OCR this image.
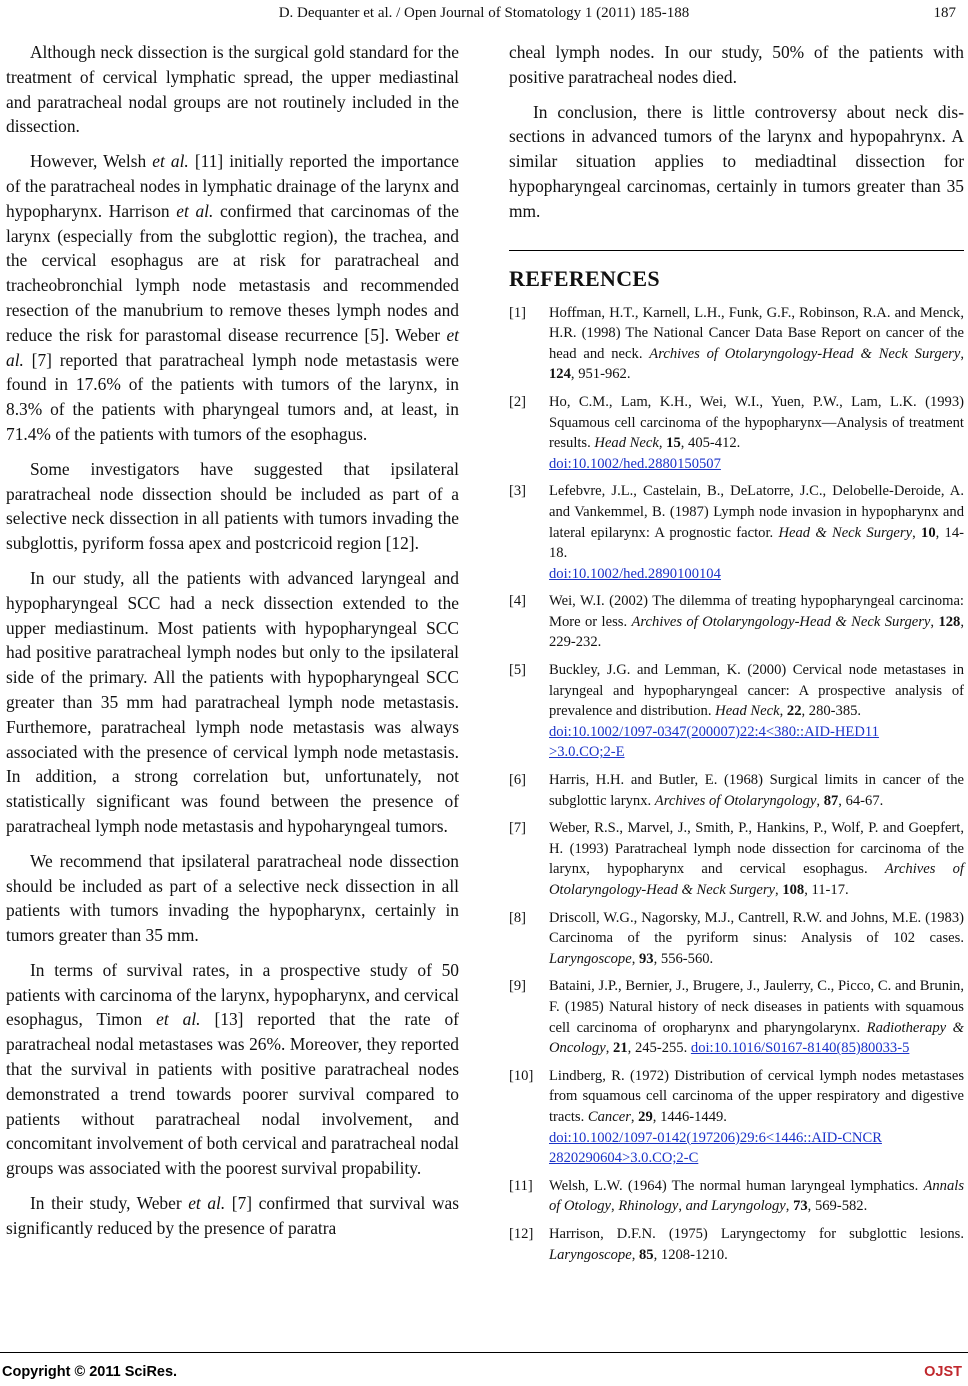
D. Dequanter et al. / Open Journal of Stomatology 1 (2011) 185-188	187

Although neck dissection is the surgical gold standard for the treatment of cervical lymphatic spread, the upper mediastinal and paratracheal nodal groups are not routinely included in the dissection.

However, Welsh et al. [11] initially reported the importance of the paratracheal nodes in lymphatic drainage of the larynx and hypopharynx. Harrison et al. confirmed that carcinomas of the larynx (especially from the subglottic region), the trachea, and the cervical esophagus are at risk for paratracheal and tracheobronchial lymph node metastasis and recommended resection of the manubrium to remove theses lymph nodes and reduce the risk for parastomal disease recurrence [5]. Weber et al. [7] reported that paratracheal lymph node metastasis were found in 17.6% of the patients with tumors of the larynx, in 8.3% of the patients with pharyngeal tumors and, at least, in 71.4% of the patients with tumors of the esophagus.

Some investigators have suggested that ipsilateral paratracheal node dissection should be included as part of a selective neck dissection in all patients with tumors invading the subglottis, pyriform fossa apex and postcricoid region [12].

In our study, all the patients with advanced laryngeal and hypopharyngeal SCC had a neck dissection extended to the upper mediastinum. Most patients with hypopharyngeal SCC had positive paratracheal lymph nodes but only to the ipsilateral side of the primary. All the patients with hypopharyngeal SCC greater than 35 mm had paratracheal lymph node metastasis. Furthemore, paratracheal lymph node metastasis was always associated with the presence of cervical lymph node metastasis. In addition, a strong correlation but, unfortunately, not statistically significant was found between the presence of paratracheal lymph node metastasis and hypoharyngeal tumors.

We recommend that ipsilateral paratracheal node dissection should be included as part of a selective neck dissection in all patients with tumors invading the hypopharynx, certainly in tumors greater than 35 mm.

In terms of survival rates, in a prospective study of 50 patients with carcinoma of the larynx, hypopharynx, and cervical esophagus, Timon et al. [13] reported that the rate of paratracheal nodal metastases was 26%. Moreover, they reported that the survival in patients with positive paratracheal nodes demonstrated a trend towards poorer survival compared to patients without paratracheal nodal involvement, and concomitant involvement of both cervical and paratracheal nodal groups was associated with the poorest survival propability.

In their study, Weber et al. [7] confirmed that survival was significantly reduced by the presence of paratra

cheal lymph nodes. In our study, 50% of the patients with positive paratracheal nodes died.

In conclusion, there is little controversy about neck dissections in advanced tumors of the larynx and hypopahrynx. A similar situation applies to mediadtinal dissection for hypopharyngeal carcinomas, certainly in tumors greater than 35 mm.

REFERENCES
[1]	Hoffman, H.T., Karnell, L.H., Funk, G.F., Robinson, R.A. and Menck, H.R. (1998) The National Cancer Data Base Report on cancer of the head and neck. Archives of Otolaryngology-Head & Neck Surgery, 124, 951-962.
[2]	Ho, C.M., Lam, K.H., Wei, W.I., Yuen, P.W., Lam, L.K. (1993) Squamous cell carcinoma of the hypopharynx—Analysis of treatment results. Head Neck, 15, 405-412.
doi:10.1002/hed.2880150507
[3]	Lefebvre, J.L., Castelain, B., DeLatorre, J.C., Delobelle-Deroide, A. and Vankemmel, B. (1987) Lymph node invasion in hypopharynx and lateral epilarynx: A prognostic factor. Head & Neck Surgery, 10, 14-18.
doi:10.1002/hed.2890100104
[4]	Wei, W.I. (2002) The dilemma of treating hypopharyngeal carcinoma: More or less. Archives of Otolaryngology-Head & Neck Surgery, 128, 229-232.
[5]	Buckley, J.G. and Lemman, K. (2000) Cervical node metastases in laryngeal and hypopharyngeal cancer: A prospective analysis of prevalence and distribution. Head Neck, 22, 280-385.
doi:10.1002/1097-0347(200007)22:4<380::AID-HED11
>3.0.CO;2-E
[6]	Harris, H.H. and Butler, E. (1968) Surgical limits in cancer of the subglottic larynx. Archives of Otolaryngology, 87, 64-67.
[7]	Weber, R.S., Marvel, J., Smith, P., Hankins, P., Wolf, P. and Goepfert, H. (1993) Paratracheal lymph node dissection for carcinoma of the larynx, hypopharynx and cervical esophagus. Archives of Otolaryngology-Head & Neck Surgery, 108, 11-17.
[8]	Driscoll, W.G., Nagorsky, M.J., Cantrell, R.W. and Johns, M.E. (1983) Carcinoma of the pyriform sinus: Analysis of 102 cases. Laryngoscope, 93, 556-560.
[9]	Bataini, J.P., Bernier, J., Brugere, J., Jaulerry, C., Picco, C. and Brunin, F. (1985) Natural history of neck diseases in patients with squamous cell carcinoma of oropharynx and pharyngolarynx. Radiotherapy & Oncology, 21, 245-255. doi:10.1016/S0167-8140(85)80033-5
[10]	Lindberg, R. (1972) Distribution of cervical lymph nodes metastases from squamous cell carcinoma of the upper respiratory and digestive tracts. Cancer, 29, 1446-1449.
doi:10.1002/1097-0142(197206)29:6<1446::AID-CNCR
2820290604>3.0.CO;2-C
[11]	Welsh, L.W. (1964) The normal human laryngeal lymphatics. Annals of Otology, Rhinology, and Laryngology, 73, 569-582.
[12]	Harrison, D.F.N. (1975) Laryngectomy for subglottic lesions. Laryngoscope, 85, 1208-1210.
Copyright © 2011 SciRes.	OJST
